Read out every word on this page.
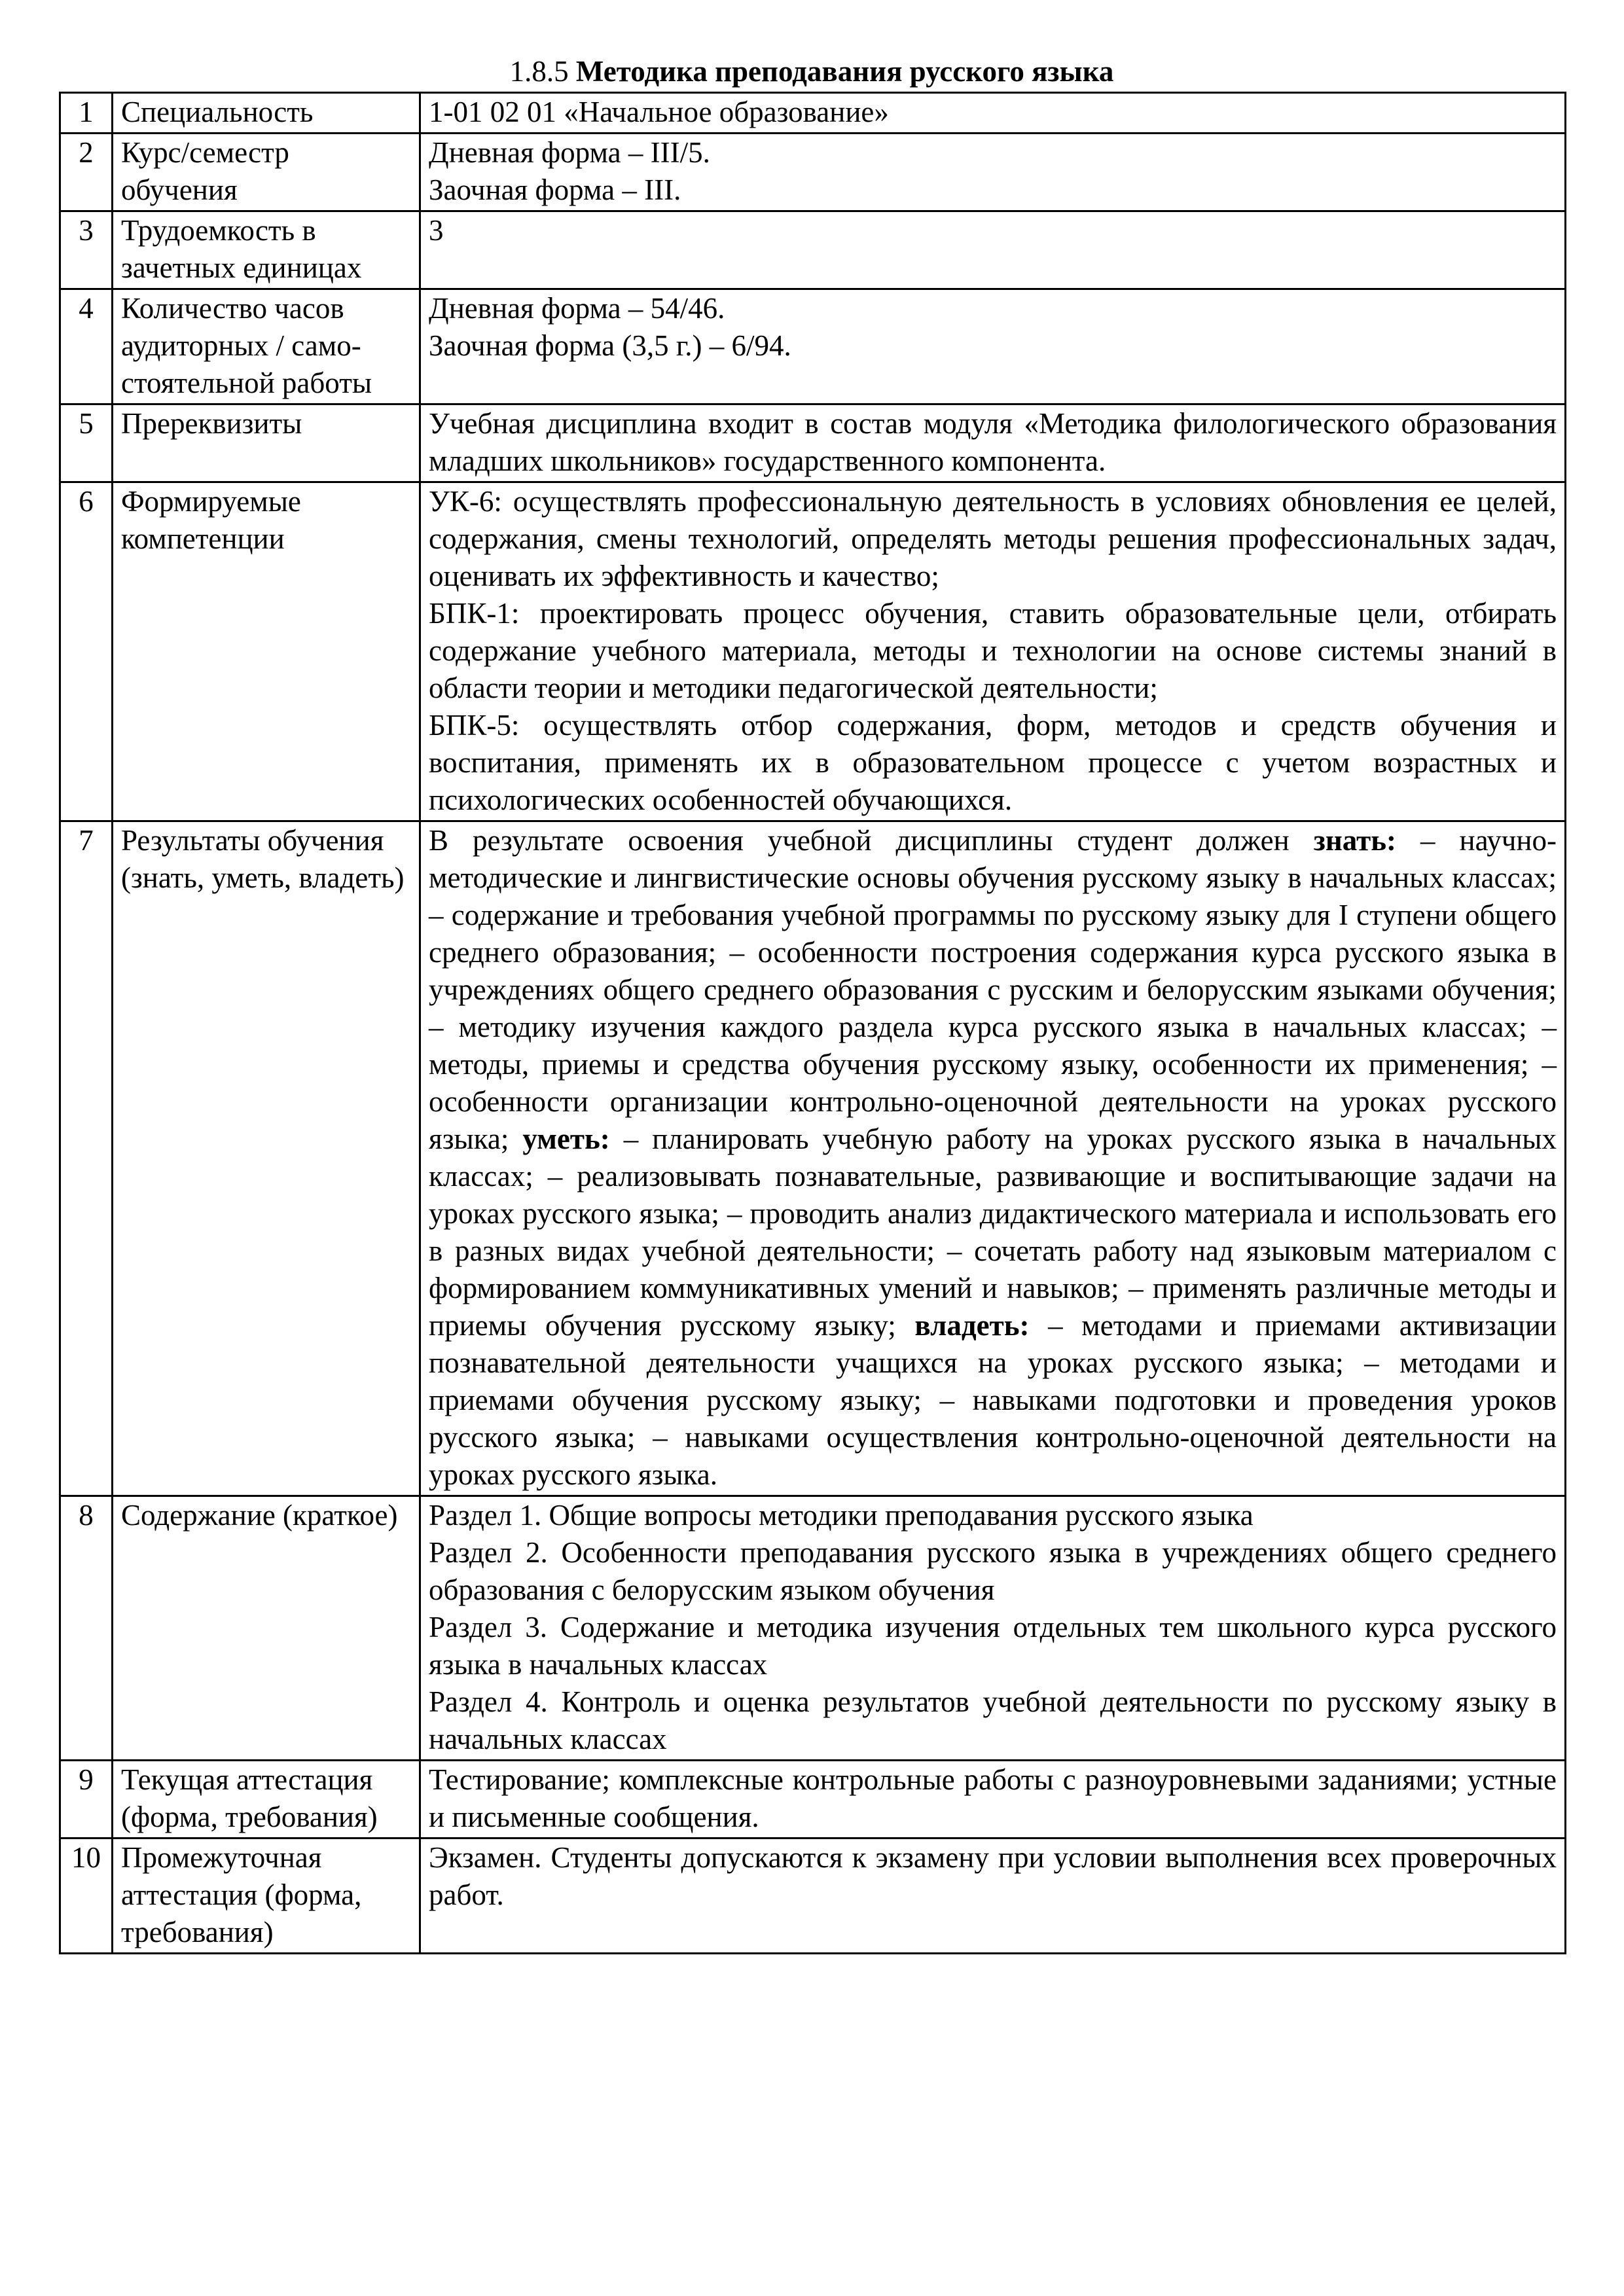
1.8.5 Методика преподавания русского языка
1	Специальность	1-01 02 01 «Начальное образование»

2	Курс/семестр обучения	Дневная форма – III/5.
Заочная форма – III.

3	Трудоемкость в зачетных единицах	3

4	Количество часов аудиторных / само-стоятельной работы	Дневная форма – 54/46.
Заочная форма (3,5 г.) – 6/94.

5	Пререквизиты	Учебная дисциплина входит в состав модуля «Методика филологического образования младших школьников» государственного компонента.

6	Формируемые компетенции	УК-6: осуществлять профессиональную деятельность в условиях обновления ее целей, содержания, смены технологий, определять методы решения профессиональных задач, оценивать их эффективность и качество;
БПК-1: проектировать процесс обучения, ставить образовательные цели, отбирать содержание учебного материала, методы и технологии на основе системы знаний в области теории и методики педагогической деятельности;
БПК-5: осуществлять отбор содержания, форм, методов и средств обучения и воспитания, применять их в образовательном процессе с учетом возрастных и психологических особенностей обучающихся.

7	Результаты обучения (знать, уметь, владеть)	В результате освоения учебной дисциплины студент должен знать: – научно-методические и лингвистические основы обучения русскому языку в начальных классах; – содержание и требования учебной программы по русскому языку для I ступени общего среднего образования; – особенности построения содержания курса русского языка в учреждениях общего среднего образования с русским и белорусским языками обучения; – методику изучения каждого раздела курса русского языка в начальных классах; – методы, приемы и средства обучения русскому языку, особенности их применения; – особенности организации контрольно-оценочной деятельности на уроках русского языка; уметь: – планировать учебную работу на уроках русского языка в начальных классах; – реализовывать познавательные, развивающие и воспитывающие задачи на уроках русского языка; – проводить анализ дидактического материала и использовать его в разных видах учебной деятельности; – сочетать работу над языковым материалом с формированием коммуникативных умений и навыков; – применять различные методы и приемы обучения русскому языку; владеть: – методами и приемами активизации познавательной деятельности учащихся на уроках русского языка; – методами и приемами обучения русскому языку; – навыками подготовки и проведения уроков русского языка; – навыками осуществления контрольно-оценочной деятельности на уроках русского языка.
8	Содержание (краткое)	Раздел 1. Общие вопросы методики преподавания русского языка
Раздел 2. Особенности преподавания русского языка в учреждениях общего среднего образования с белорусским языком обучения
Раздел 3. Содержание и методика изучения отдельных тем школьного курса русского языка в начальных классах
Раздел 4. Контроль и оценка результатов учебной деятельности по русскому языку в начальных классах

9	Текущая аттестация (форма, требования)	Тестирование; комплексные контрольные работы с разноуровневыми заданиями; устные и письменные сообщения.

10	Промежуточная аттестация (форма, требования)	Экзамен. Студенты допускаются к экзамену при условии выполнения всех проверочных работ.
